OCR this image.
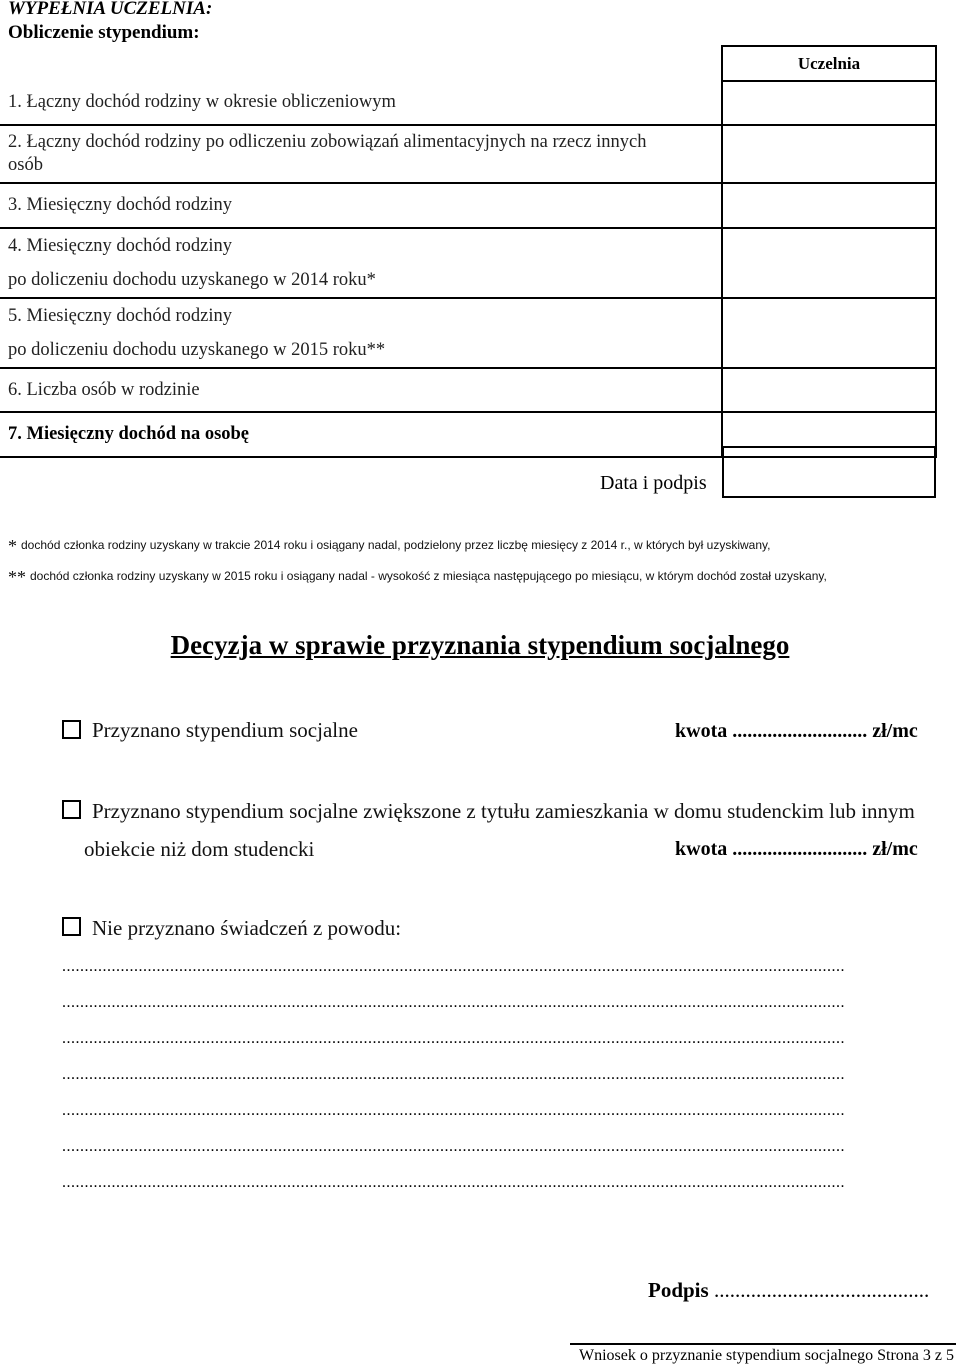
WYPEŁNIA UCZELNIA:
Obliczenie stypendium:
	Uczelnia
1. Łączny dochód rodziny w okresie obliczeniowym	

2. Łączny dochód rodziny po odliczeniu zobowiązań alimentacyjnych na rzecz innych
osób	

3. Miesięczny dochód rodziny	

4. Miesięczny dochód rodziny
po doliczeniu dochodu uzyskanego w 2014 roku*	

5. Miesięczny dochód rodziny
po doliczeniu dochodu uzyskanego w 2015 roku**	

6. Liczba osób w rodzinie	
7. Miesięczny dochód na osobę	
Data i podpis
* dochód członka rodziny uzyskany w trakcie 2014 roku i osiągany nadal, podzielony przez liczbę miesięcy z 2014 r., w których był uzyskiwany,
** dochód członka rodziny uzyskany w 2015 roku i osiągany nadal - wysokość z miesiąca następującego po miesiącu, w którym dochód został uzyskany,
Decyzja w sprawie przyznania stypendium socjalnego
Przyznano stypendium socjalne	kwota ........................... zł/mc
Przyznano stypendium socjalne zwiększone z tytułu zamieszkania w domu studenckim lub innym
obiekcie niż dom studencki	kwota ........................... zł/mc
Nie przyznano świadczeń z powodu:
..............................................................................................................................................................................
..............................................................................................................................................................................
..............................................................................................................................................................................
..............................................................................................................................................................................
..............................................................................................................................................................................
..............................................................................................................................................................................
..............................................................................................................................................................................
Podpis .........................................
Wniosek o przyznanie stypendium socjalnego Strona 3 z 5
